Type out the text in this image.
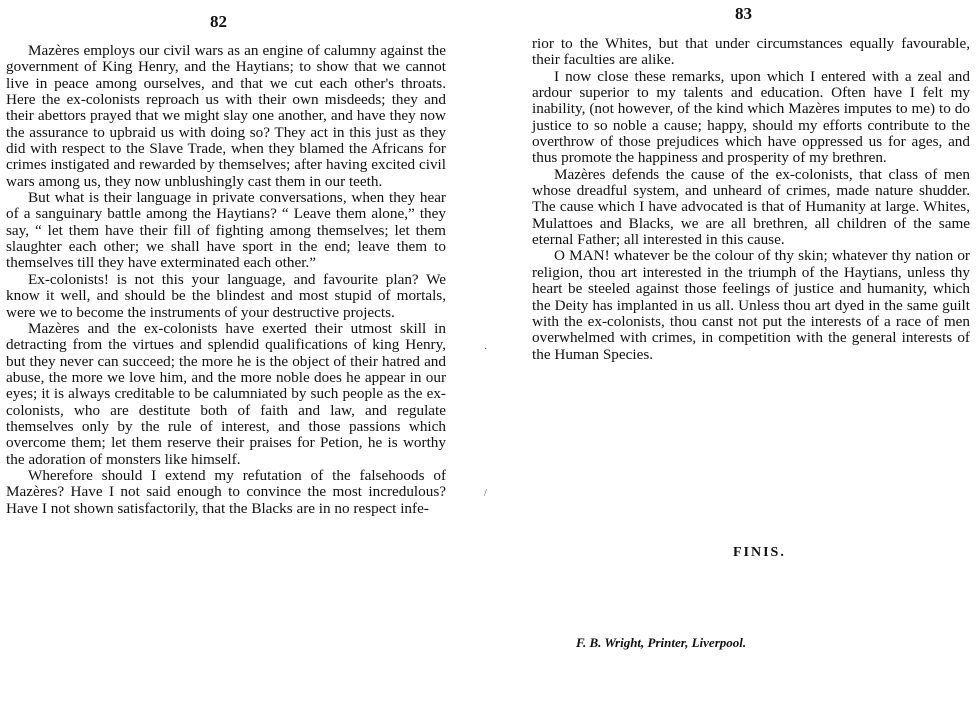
82

Mazères employs our civil wars as an engine of calumny against the government of King Henry, and the Haytians; to show that we cannot live in peace among ourselves, and that we cut each other's throats. Here the ex-colonists reproach us with their own misdeeds; they and their abettors prayed that we might slay one another, and have they now the assurance to upbraid us with doing so? They act in this just as they did with respect to the Slave Trade, when they blamed the Africans for crimes instigated and rewarded by themselves; after having excited civil wars among us, they now unblushingly cast them in our teeth.

But what is their language in private conversations, when they hear of a sanguinary battle among the Haytians? “ Leave them alone,” they say, “ let them have their fill of fighting among themselves; let them slaughter each other; we shall have sport in the end; leave them to themselves till they have exterminated each other.”

Ex-colonists! is not this your language, and favourite plan? We know it well, and should be the blindest and most stupid of mortals, were we to become the instruments of your destructive projects.

Mazères and the ex-colonists have exerted their utmost skill in detracting from the virtues and splendid qualifications of king Henry, but they never can succeed; the more he is the object of their hatred and abuse, the more we love him, and the more noble does he appear in our eyes; it is always creditable to be calumniated by such people as the ex-colonists, who are destitute both of faith and law, and regulate themselves only by the rule of interest, and those passions which overcome them; let them reserve their praises for Petion, he is worthy the adoration of monsters like himself.

Wherefore should I extend my refutation of the falsehoods of Mazères? Have I not said enough to convince the most incredulous? Have I not shown satisfactorily, that the Blacks are in no respect infe-

·
/
83

rior to the Whites, but that under circumstances equally favourable, their faculties are alike.

I now close these remarks, upon which I entered with a zeal and ardour superior to my talents and education. Often have I felt my inability, (not however, of the kind which Mazères imputes to me) to do justice to so noble a cause; happy, should my efforts contribute to the overthrow of those prejudices which have oppressed us for ages, and thus promote the happiness and prosperity of my brethren.

Mazères defends the cause of the ex-colonists, that class of men whose dreadful system, and unheard of crimes, made nature shudder. The cause which I have advocated is that of Humanity at large. Whites, Mulattoes and Blacks, we are all brethren, all children of the same eternal Father; all interested in this cause.

O MAN! whatever be the colour of thy skin; whatever thy nation or religion, thou art interested in the triumph of the Haytians, unless thy heart be steeled against those feelings of justice and humanity, which the Deity has implanted in us all. Unless thou art dyed in the same guilt with the ex-colonists, thou canst not put the interests of a race of men overwhelmed with crimes, in competition with the general interests of the Human Species.

FINIS.
F. B. Wright, Printer, Liverpool.
